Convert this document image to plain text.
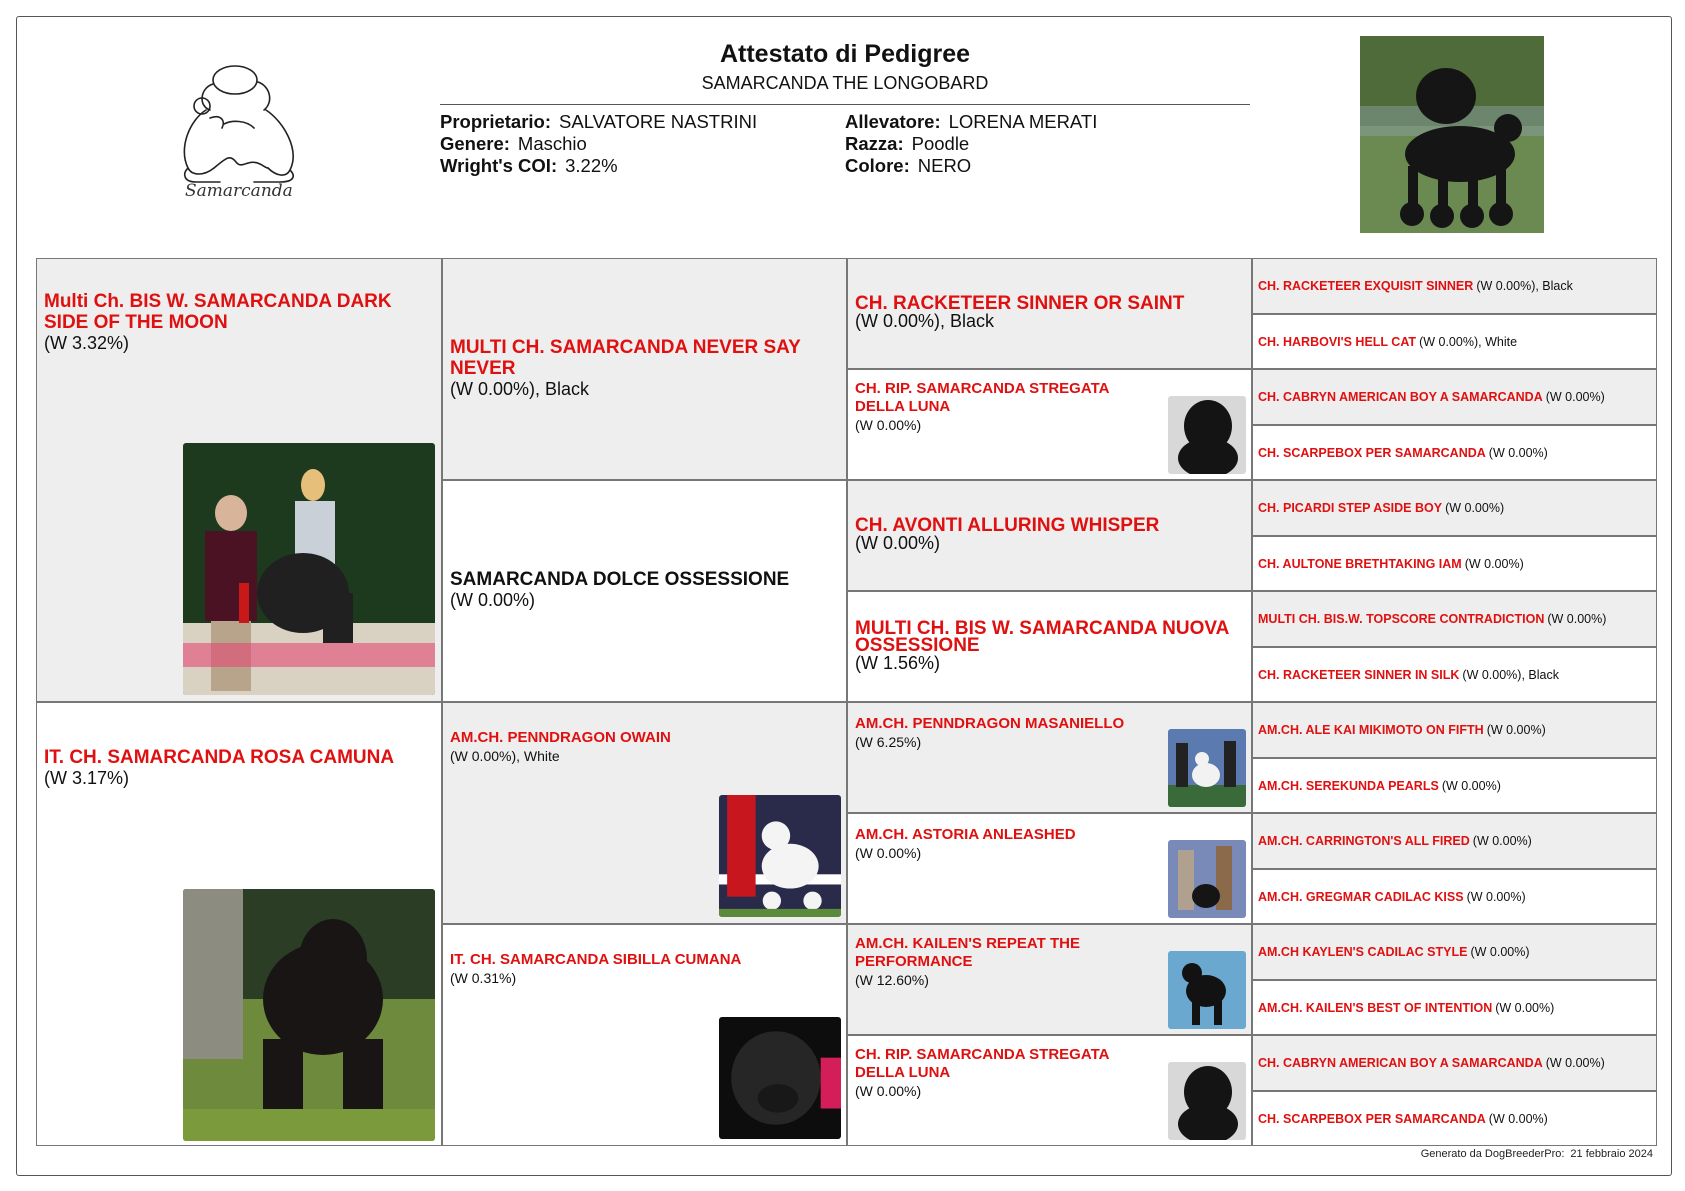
Samarcanda
Attestato di Pedigree
SAMARCANDA THE LONGOBARD
Proprietario: SALVATORE NASTRINI
Genere: Maschio
Wright's COI: 3.22%
Allevatore: LORENA MERATI
Razza: Poodle
Colore: NERO
Multi Ch. BIS W. SAMARCANDA DARK SIDE OF THE MOON
(W 3.32%)
IT. CH. SAMARCANDA ROSA CAMUNA
(W 3.17%)
MULTI CH. SAMARCANDA NEVER SAY NEVER
(W 0.00%), Black
SAMARCANDA DOLCE OSSESSIONE
(W 0.00%)
AM.CH. PENNDRAGON OWAIN
(W 0.00%), White
IT. CH. SAMARCANDA SIBILLA CUMANA
(W 0.31%)
CH. RACKETEER SINNER OR SAINT
(W 0.00%), Black
CH. RIP. SAMARCANDA STREGATA DELLA LUNA
(W 0.00%)
CH. AVONTI ALLURING WHISPER
(W 0.00%)
MULTI CH. BIS W. SAMARCANDA NUOVA OSSESSIONE
(W 1.56%)
AM.CH. PENNDRAGON MASANIELLO
(W 6.25%)
AM.CH. ASTORIA ANLEASHED
(W 0.00%)
AM.CH. KAILEN'S REPEAT THE PERFORMANCE
(W 12.60%)
CH. RIP. SAMARCANDA STREGATA DELLA LUNA
(W 0.00%)
CH. RACKETEER EXQUISIT SINNER (W 0.00%), Black
CH. HARBOVI'S HELL CAT (W 0.00%), White
CH. CABRYN AMERICAN BOY A SAMARCANDA (W 0.00%)
CH. SCARPEBOX PER SAMARCANDA (W 0.00%)
CH. PICARDI STEP ASIDE BOY (W 0.00%)
CH. AULTONE BRETHTAKING IAM (W 0.00%)
MULTI CH. BIS.W. TOPSCORE CONTRADICTION (W 0.00%)
CH. RACKETEER SINNER IN SILK (W 0.00%), Black
AM.CH. ALE KAI MIKIMOTO ON FIFTH (W 0.00%)
AM.CH. SEREKUNDA PEARLS (W 0.00%)
AM.CH. CARRINGTON'S ALL FIRED (W 0.00%)
AM.CH. GREGMAR CADILAC KISS (W 0.00%)
AM.CH KAYLEN'S CADILAC STYLE (W 0.00%)
AM.CH. KAILEN'S BEST OF INTENTION (W 0.00%)
CH. CABRYN AMERICAN BOY A SAMARCANDA (W 0.00%)
CH. SCARPEBOX PER SAMARCANDA (W 0.00%)
Generato da DogBreederPro: 21 febbraio 2024
